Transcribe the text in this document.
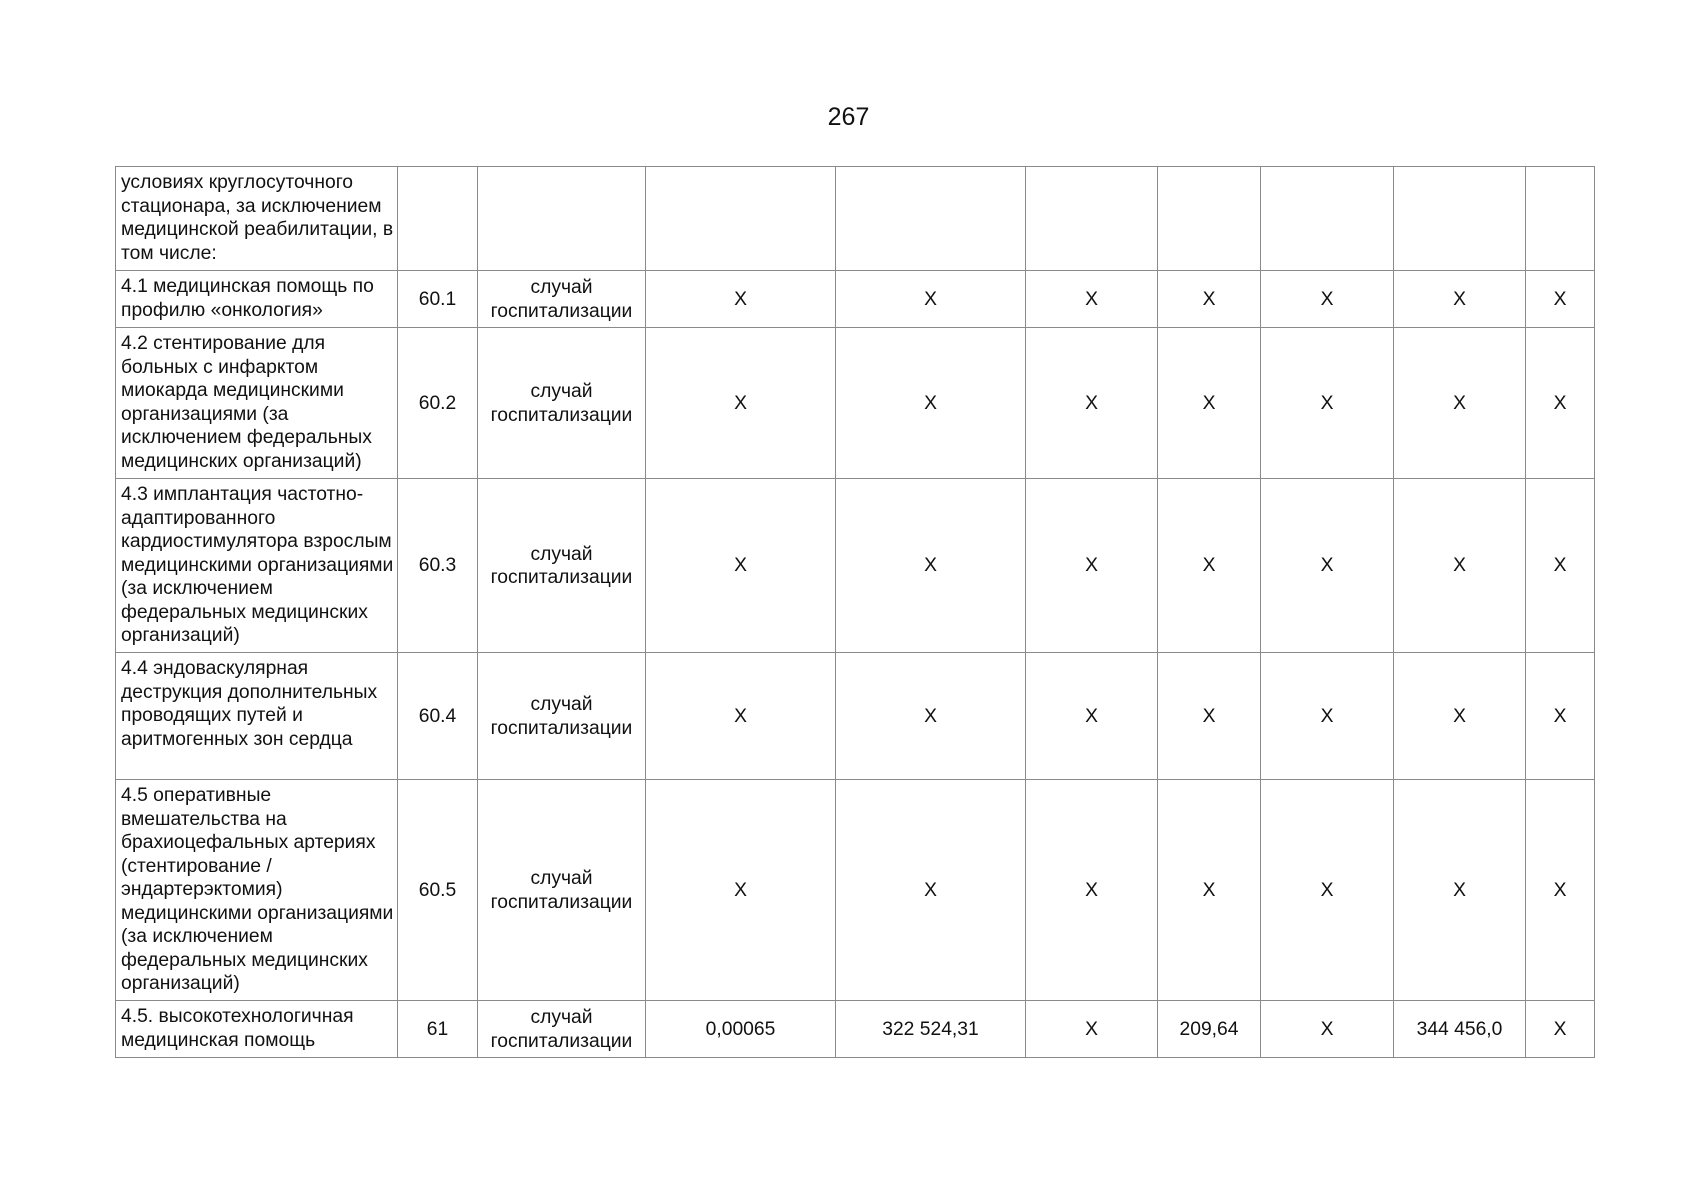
267
условиях круглосуточного стационара, за исключением медицинской реабилитации, в том числе:									
4.1 медицинская помощь по профилю «онкология»	60.1	случай госпитализации	X	X	X	X	X	X	X
4.2 стентирование для больных с инфарктом миокарда медицинскими организациями (за исключением федеральных медицинских организаций)	60.2	случай госпитализации	X	X	X	X	X	X	X
4.3 имплантация частотно-адаптированного кардиостимулятора взрослым медицинскими организациями (за исключением федеральных медицинских организаций)	60.3	случай госпитализации	X	X	X	X	X	X	X
4.4 эндоваскулярная деструкция дополнительных проводящих путей и аритмогенных зон сердца	60.4	случай госпитализации	X	X	X	X	X	X	X
4.5 оперативные вмешательства на брахиоцефальных артериях (стентирование / эндартерэктомия) медицинскими организациями (за исключением федеральных медицинских организаций)	60.5	случай госпитализации	X	X	X	X	X	X	X
4.5. высокотехнологичная медицинская помощь	61	случай госпитализации	0,00065	322 524,31	X	209,64	X	344 456,0	X
